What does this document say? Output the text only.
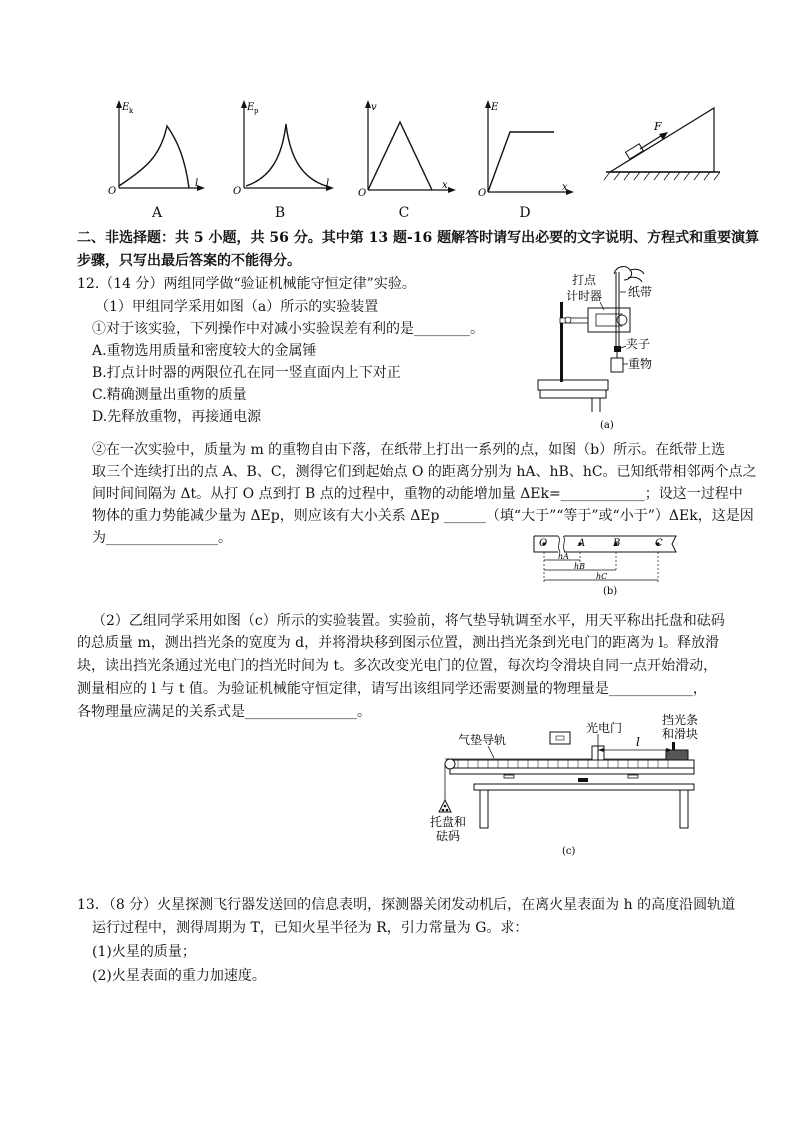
E k
O
l
A
E p
O
l
B
v
O
x
C
E
O
x
D
F
二、非选择题：共 5 小题，共 56 分。其中第 13 题-16 题解答时请写出必要的文字说明、方程式和重要演算
步骤，只写出最后答案的不能得分。
12.（14 分）两组同学做“验证机械能守恒定律”实验。
（1）甲组同学采用如图（a）所示的实验装置
①对于该实验，下列操作中对减小实验误差有利的是________。
A.重物选用质量和密度较大的金属锤
B.打点计时器的两限位孔在同一竖直面内上下对正
C.精确测量出重物的质量
D.先释放重物，再接通电源
打点
计时器 纸带
夹子
重物
(a)
②在一次实验中，质量为 m 的重物自由下落，在纸带上打出一系列的点，如图（b）所示。在纸带上选
取三个连续打出的点 A、B、C，测得它们到起始点 O 的距离分别为 hA、hB、hC。已知纸带相邻两个点之
间时间间隔为 Δt。从打 O 点到打 B 点的过程中，重物的动能增加量 ΔEk=____________；设这一过程中
物体的重力势能减少量为 ΔEp，则应该有大小关系 ΔEp ______（填“大于”“等于”或“小于”）ΔEk，这是因
为________________。	O	A	B	C
hA
hB
hC
(b)
（2）乙组同学采用如图（c）所示的实验装置。实验前，将气垫导轨调至水平，用天平称出托盘和砝码
的总质量 m，测出挡光条的宽度为 d，并将滑块移到图示位置，测出挡光条到光电门的距离为 l。释放滑
块，读出挡光条通过光电门的挡光时间为 t。多次改变光电门的位置，每次均令滑块自同一点开始滑动，
测量相应的 l 与 t 值。为验证机械能守恒定律，请写出该组同学还需要测量的物理量是____________，
各物理量应满足的关系式是________________。
气垫导轨
光电门
l
挡光条
和滑块
托盘和
砝码
(c)
13．（8 分）火星探测飞行器发送回的信息表明，探测器关闭发动机后，在离火星表面为 h 的高度沿圆轨道
运行过程中，测得周期为 T，已知火星半径为 R，引力常量为 G。求：
(1)火星的质量；
(2)火星表面的重力加速度。
